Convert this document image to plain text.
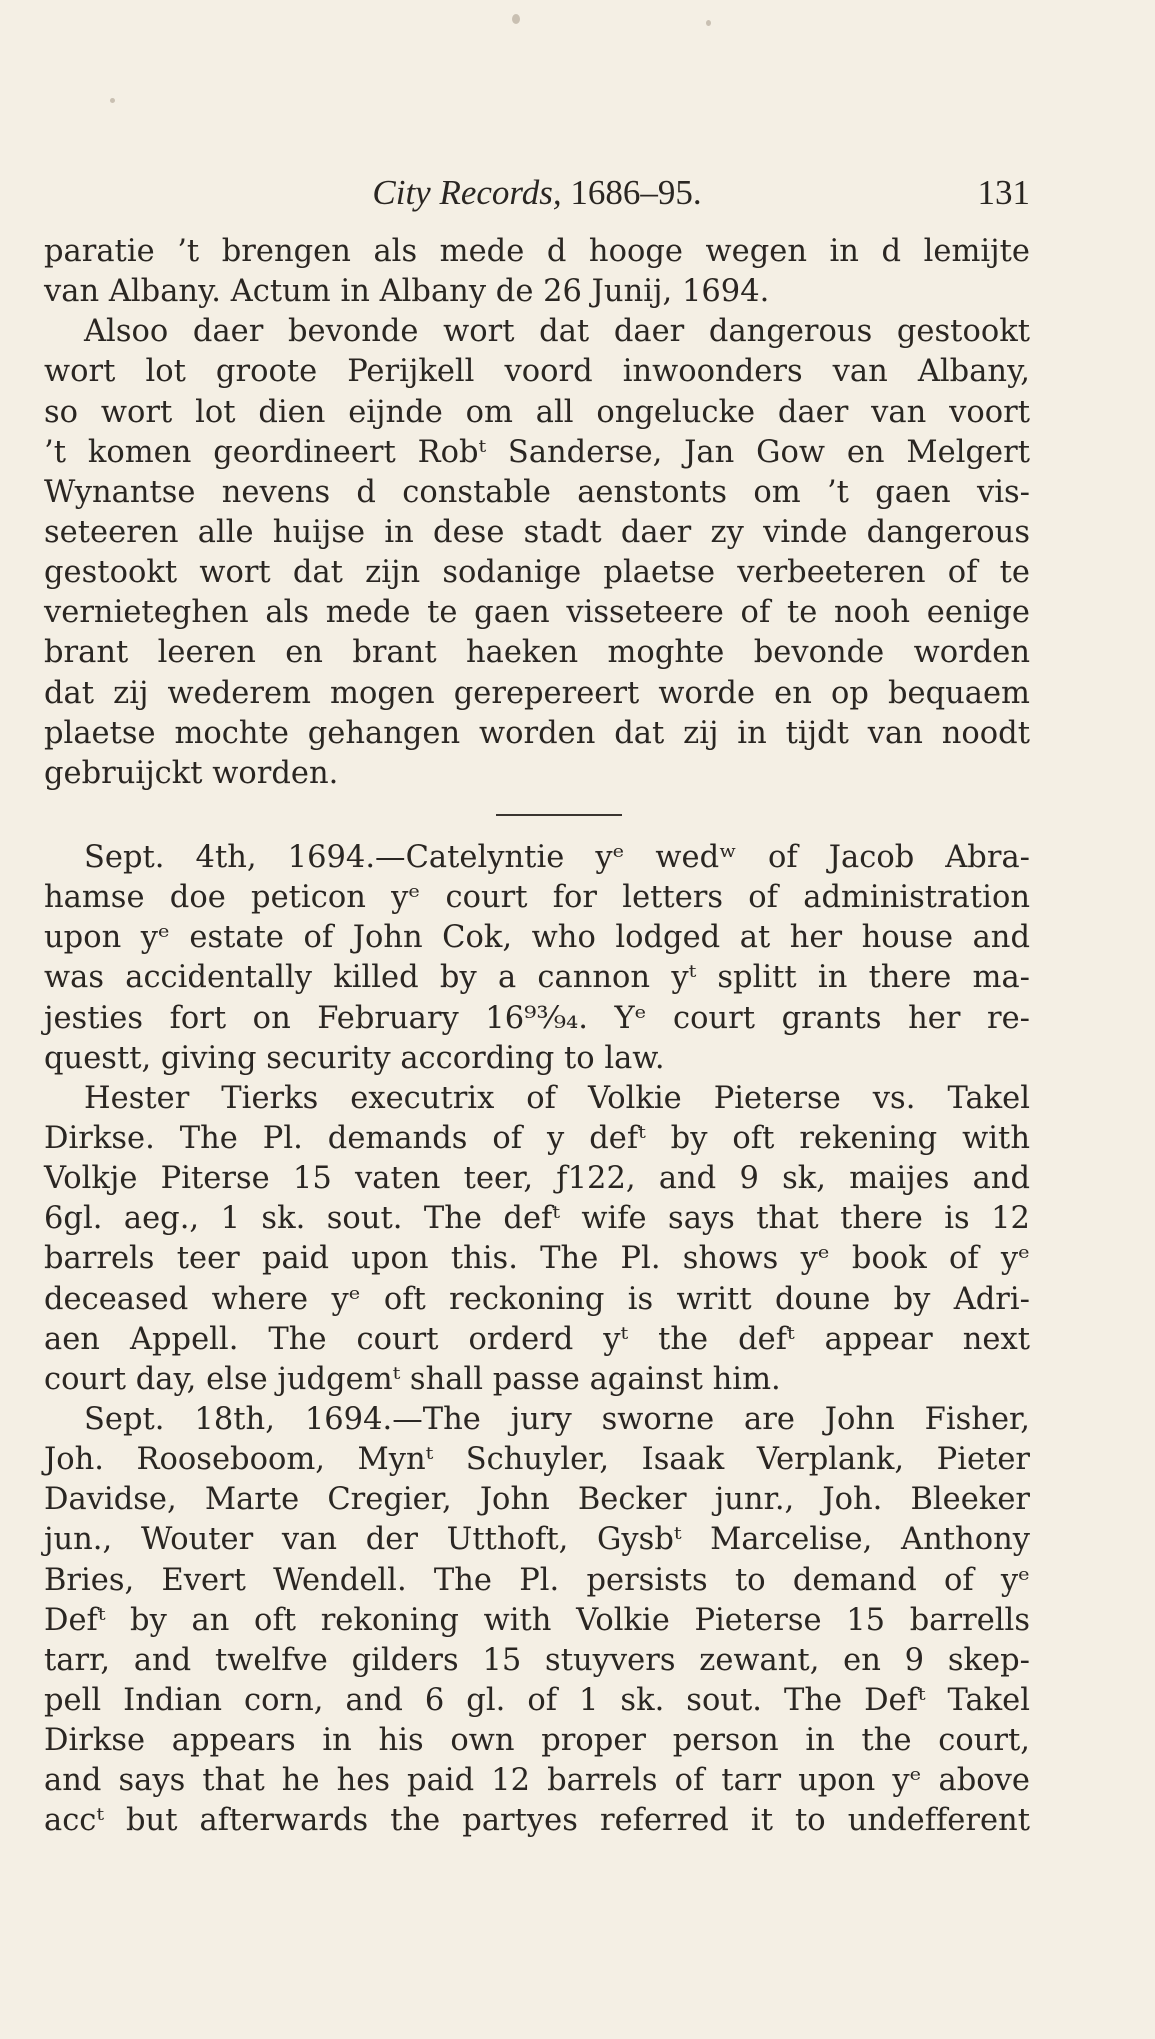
City Records, 1686–95.	131
paratie ’t brengen als mede d hooge wegen in d lemijte
van Albany. Actum in Albany de 26 Junij, 1694.
Alsoo daer bevonde wort dat daer dangerous gestookt
wort lot groote Perijkell voord inwoonders van Albany,
so wort lot dien eijnde om all ongelucke daer van voort
’t komen geordineert Robᵗ Sanderse, Jan Gow en Melgert
Wynantse nevens d constable aenstonts om ’t gaen vis-
seteeren alle huijse in dese stadt daer zy vinde dangerous
gestookt wort dat zijn sodanige plaetse verbeeteren of te
vernieteghen als mede te gaen visseteere of te nooh eenige
brant leeren en brant haeken moghte bevonde worden
dat zij wederem mogen gerepereert worde en op bequaem
plaetse mochte gehangen worden dat zij in tijdt van noodt
gebruijckt worden.
Sept. 4th, 1694.—Catelyntie yᵉ wedʷ of Jacob Abra-
hamse doe peticon yᵉ court for letters of administration
upon yᵉ estate of John Cok, who lodged at her house and
was accidentally killed by a cannon yᵗ splitt in there ma-
jesties fort on February 16⁹³⁄₉₄. Yᵉ court grants her re-
questt, giving security according to law.
Hester Tierks executrix of Volkie Pieterse vs. Takel
Dirkse. The Pl. demands of y defᵗ by oft rekening with
Volkje Piterse 15 vaten teer, ƒ122, and 9 sk, maijes and
6gl. aeg., 1 sk. sout. The defᵗ wife says that there is 12
barrels teer paid upon this. The Pl. shows yᵉ book of yᵉ
deceased where yᵉ oft reckoning is writt doune by Adri-
aen Appell. The court orderd yᵗ the defᵗ appear next
court day, else judgemᵗ shall passe against him.
Sept. 18th, 1694.—The jury sworne are John Fisher,
Joh. Rooseboom, Mynᵗ Schuyler, Isaak Verplank, Pieter
Davidse, Marte Cregier, John Becker junr., Joh. Bleeker
jun., Wouter van der Utthoft, Gysbᵗ Marcelise, Anthony
Bries, Evert Wendell. The Pl. persists to demand of yᵉ
Defᵗ by an oft rekoning with Volkie Pieterse 15 barrells
tarr, and twelfve gilders 15 stuyvers zewant, en 9 skep-
pell Indian corn, and 6 gl. of 1 sk. sout. The Defᵗ Takel
Dirkse appears in his own proper person in the court,
and says that he hes paid 12 barrels of tarr upon yᵉ above
accᵗ but afterwards the partyes referred it to undefferent
